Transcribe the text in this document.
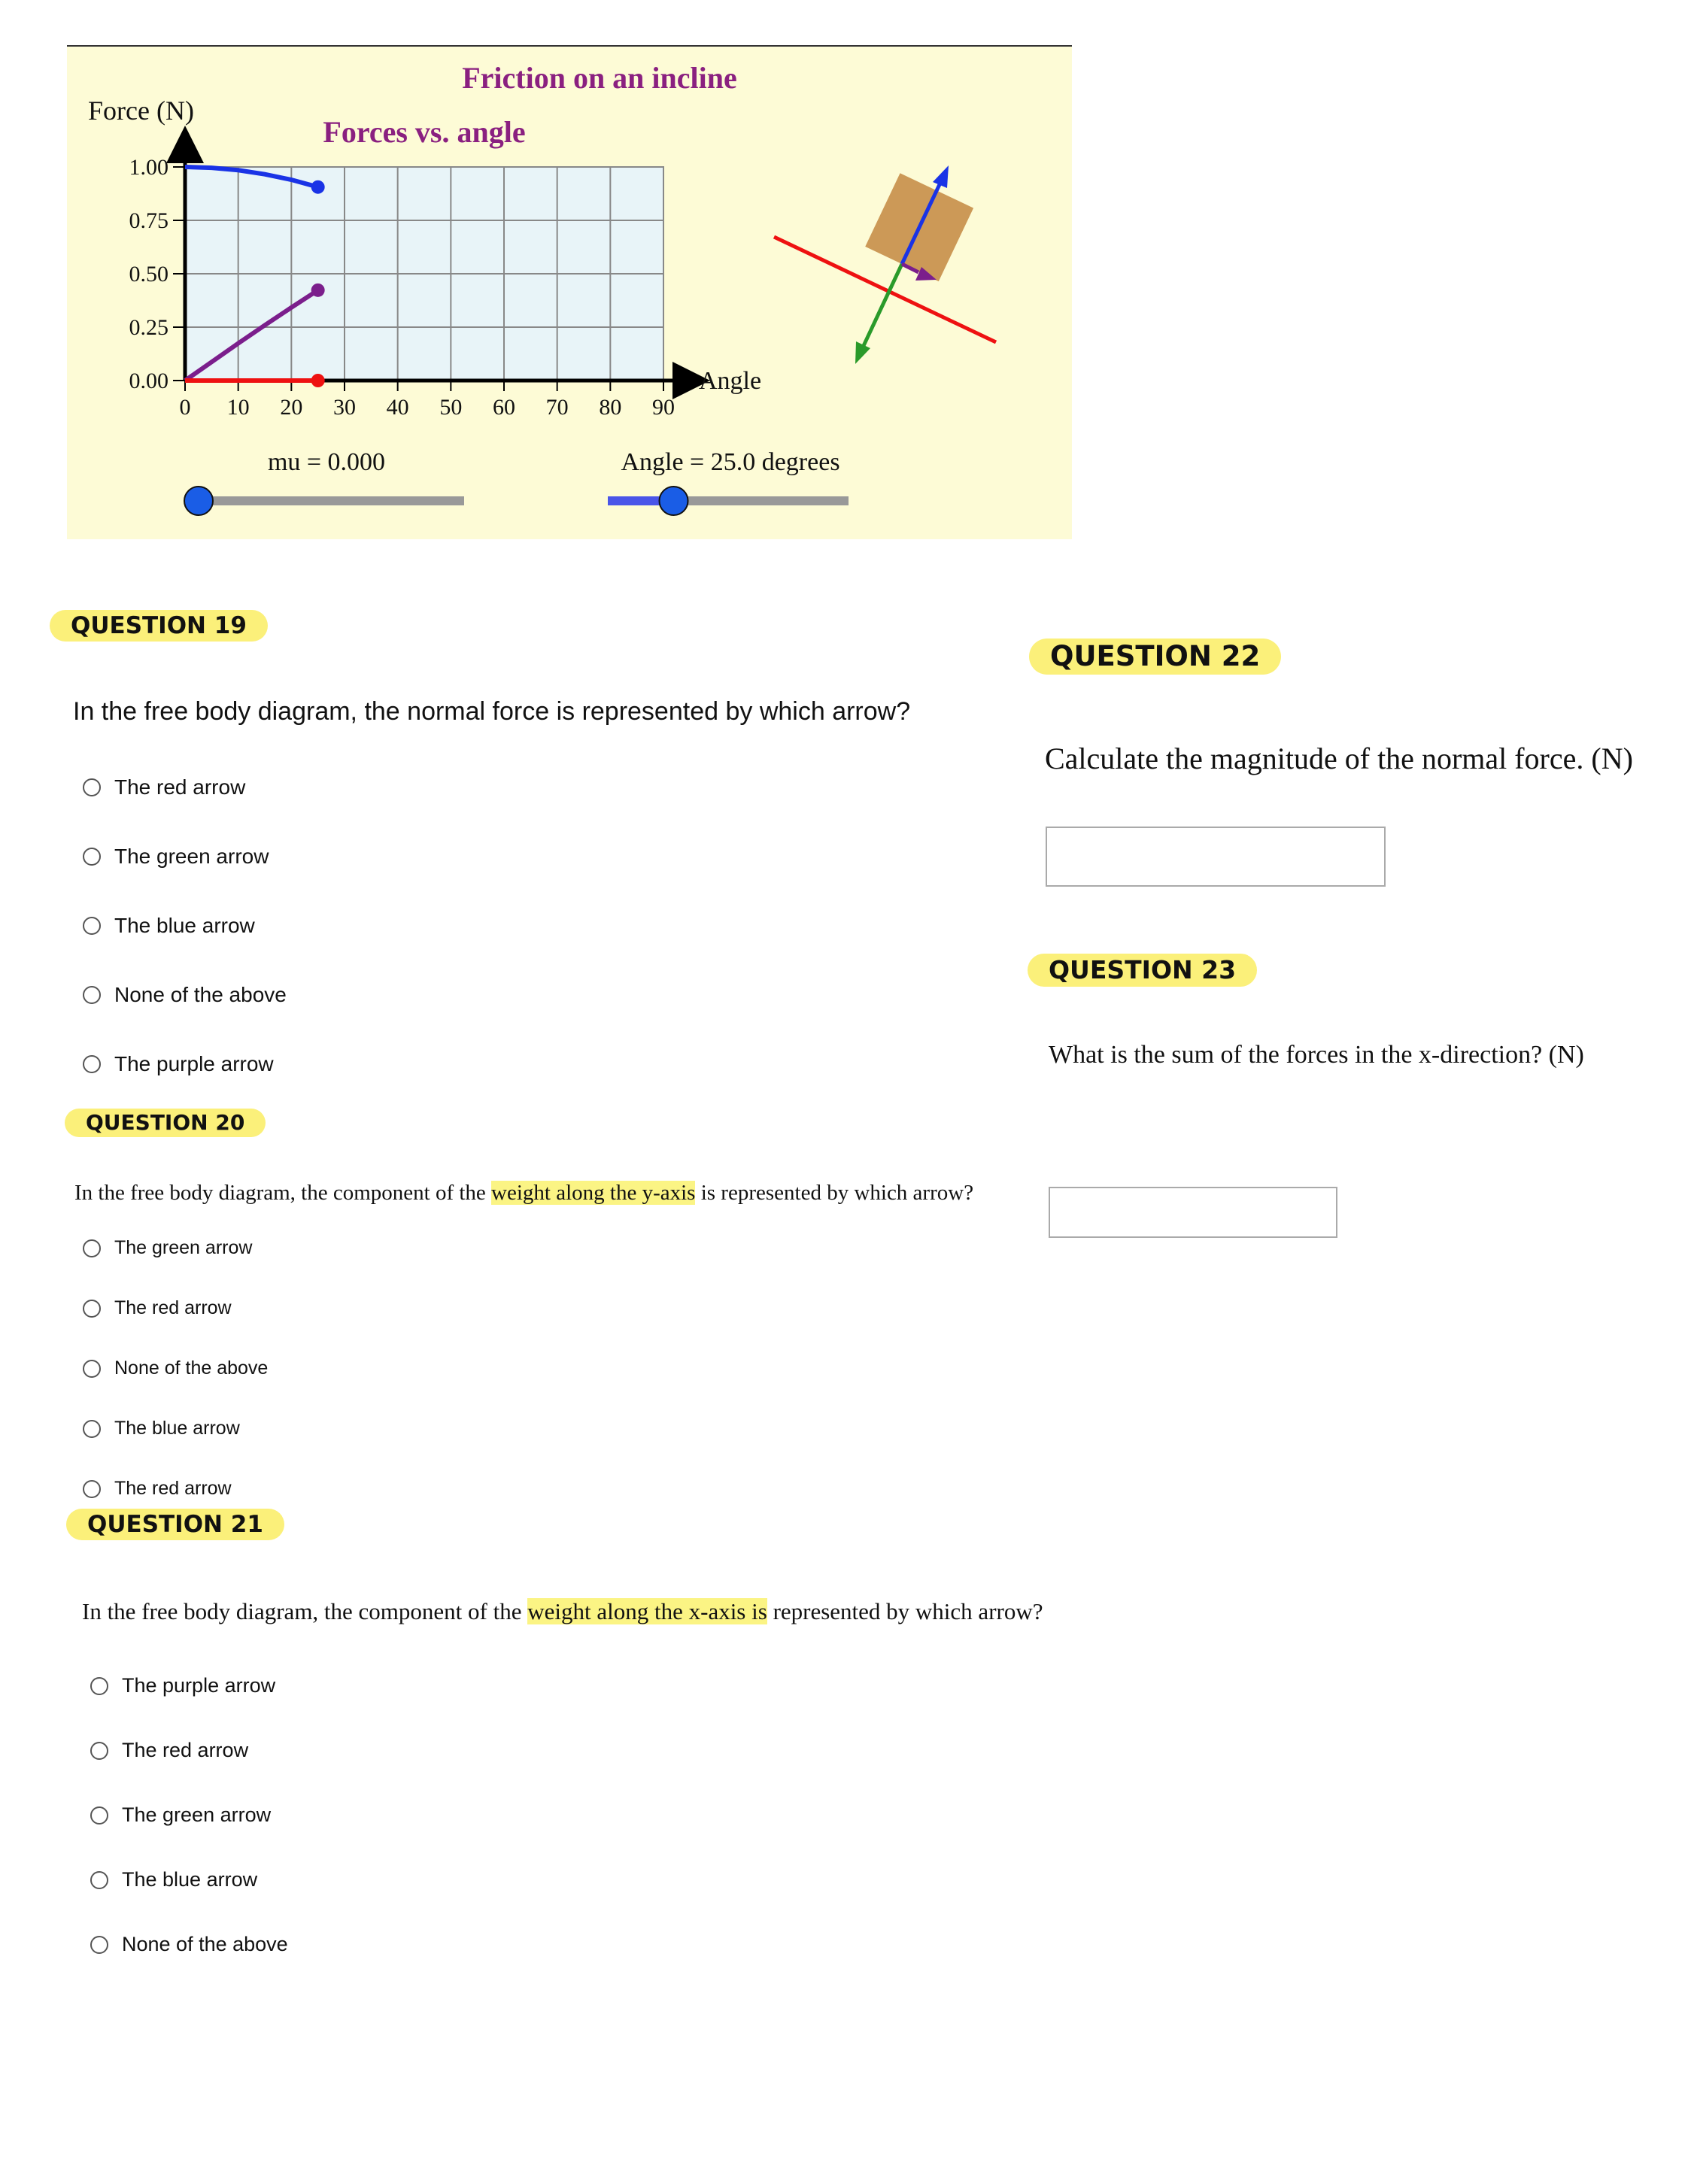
Friction on an incline
Forces vs. angle
Force (N)
Angle
0.00
0.25
0.50
0.75
1.00
0 10 20 30 40 50 60 70 80 90
mu = 0.000	Angle = 25.0 degrees
QUESTION 19
In the free body diagram, the normal force is represented by which arrow?
The red arrow
The green arrow
The blue arrow
None of the above
The purple arrow
QUESTION 20
In the free body diagram, the component of the weight along the y-axis is represented by which arrow?
The green arrow
The red arrow
None of the above
The blue arrow
The red arrow
QUESTION 21
In the free body diagram, the component of the weight along the x-axis is represented by which arrow?
The purple arrow
The red arrow
The green arrow
The blue arrow
None of the above
QUESTION 22
Calculate the magnitude of the normal force. (N)
QUESTION 23
What is the sum of the forces in the x-direction? (N)
